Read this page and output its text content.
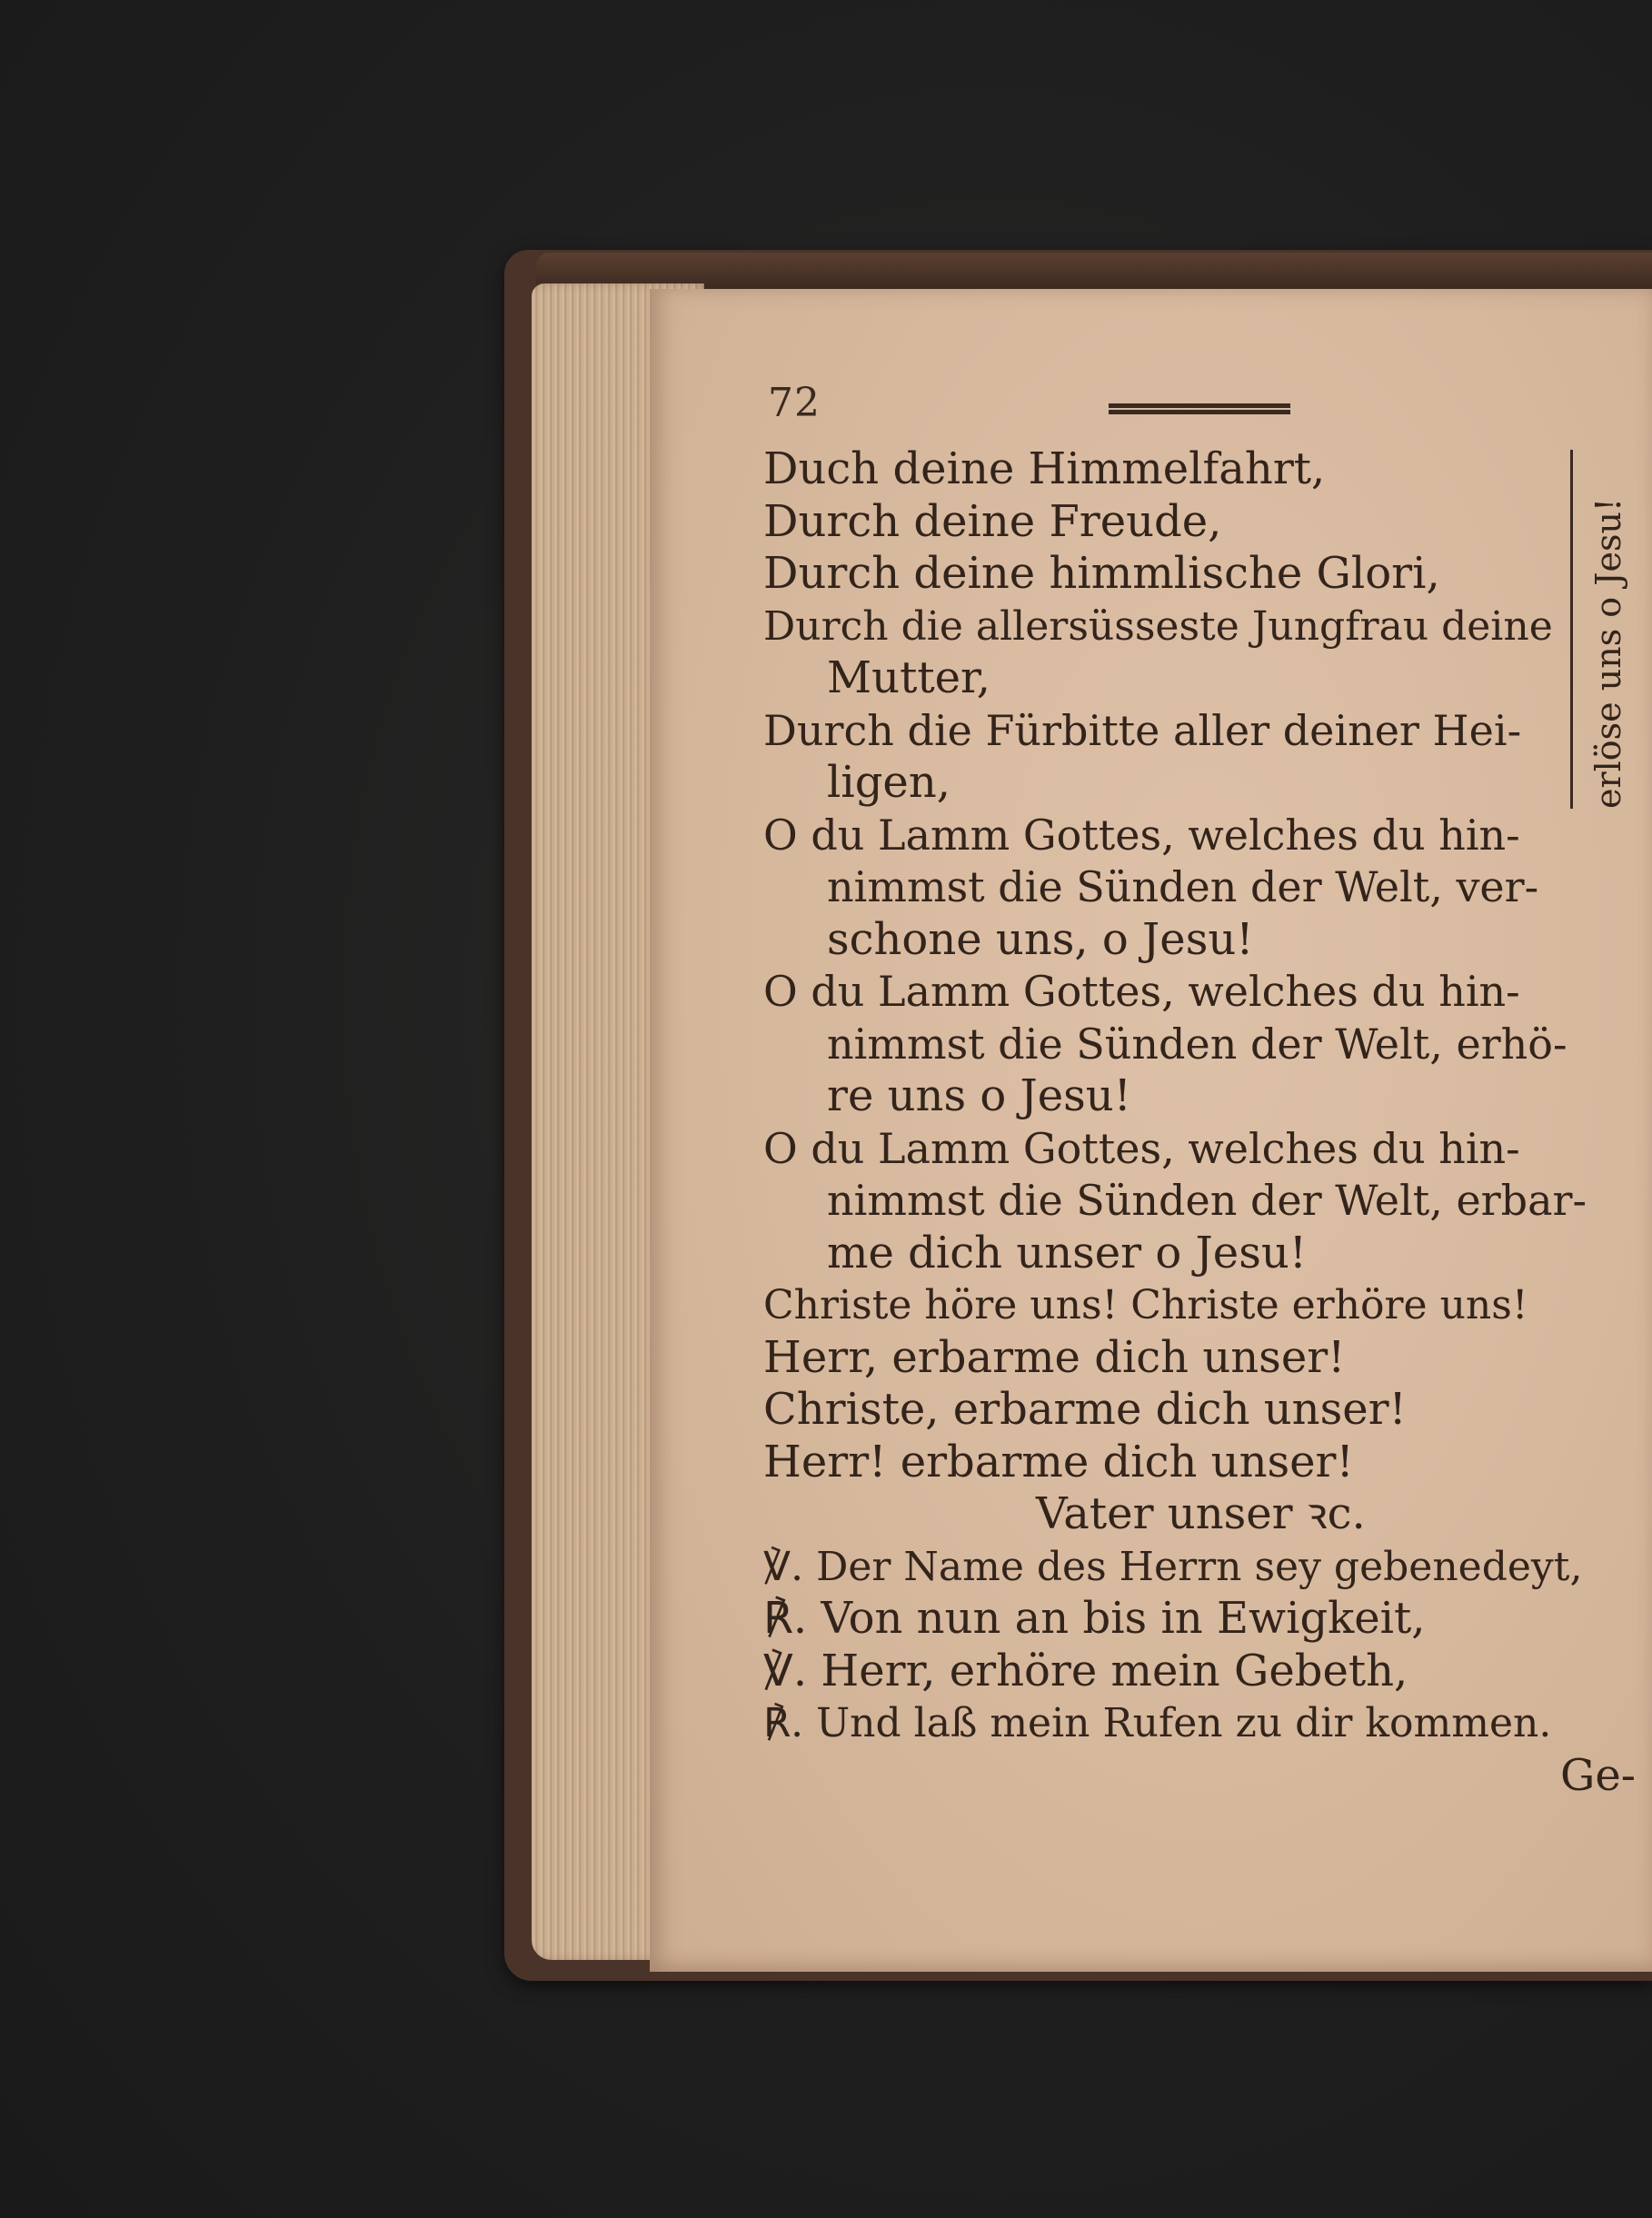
72
erlöse uns o Jesu!
Duch deine Himmelfahrt,
Durch deine Freude,
Durch deine himmlische Glori,
Durch die allersüsseste Jungfrau deine
Mutter,
Durch die Fürbitte aller deiner Hei-
ligen,
O du Lamm Gottes, welches du hin-
nimmst die Sünden der Welt, ver-
schone uns, o Jesu!
O du Lamm Gottes, welches du hin-
nimmst die Sünden der Welt, erhö-
re uns o Jesu!
O du Lamm Gottes, welches du hin-
nimmst die Sünden der Welt, erbar-
me dich unser o Jesu!
Christe höre uns! Christe erhöre uns!
Herr, erbarme dich unser!
Christe, erbarme dich unser!
Herr! erbarme dich unser!
Vater unser ꝛc.
℣. Der Name des Herrn sey gebenedeyt,
℟. Von nun an bis in Ewigkeit,
℣. Herr, erhöre mein Gebeth,
℟. Und laß mein Rufen zu dir kommen.
Ge-
